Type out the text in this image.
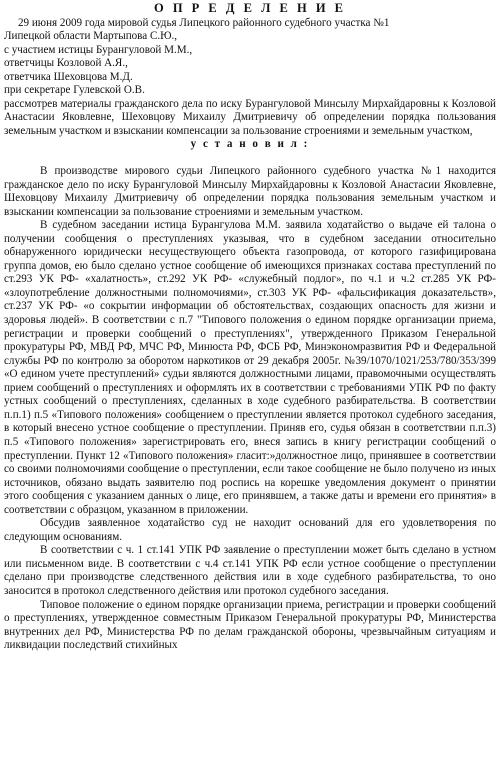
О П Р Е Д Е Л Е Н И Е
29 июня 2009 года мировой судья Липецкого районного судебного участка №1
Липецкой области Мартыпова С.Ю.,
с участием истицы Бурангуловой М.М.,
ответчицы Козловой А.Я.,
ответчика Шеховцова М.Д.
при секретаре Гулевской О.В.

рассмотрев материалы гражданского дела по иску Бурангуловой Минсылу Мирхайдаровны к Козловой Анастасии Яковлевне, Шеховцову Михаилу Дмитриевичу об определении порядка пользования земельным участком и взыскании компенсации за пользование строениями и земельным участком,

у с т а н о в и л :

В производстве мирового судьи Липецкого районного судебного участка №1 находится гражданское дело по иску Бурангуловой Минсылу Мирхайдаровны к Козловой Анастасии Яковлевне, Шеховцову Михаилу Дмитриевичу об определении порядка пользования земельным участком и взыскании компенсации за пользование строениями и земельным участком.

В судебном заседании истица Бурангулова М.М. заявила ходатайство о выдаче ей талона о получении сообщения о преступлениях указывая, что в судебном заседании относительно обнаруженного юридически несуществующего объекта газопровода, от которого газифицирована группа домов, ею было сделано устное сообщение об имеющихся признаках состава преступлений по ст.293 УК РФ- «халатность», ст.292 УК РФ- «служебный подлог», по ч.1 и ч.2 ст.285 УК РФ- «злоупотребление должностными полномочиями», ст.303 УК РФ- «фальсификация доказательств», ст.237 УК РФ- «о сокрытии информации об обстоятельствах, создающих опасность для жизни и здоровья людей». В соответствии с п.7 "Типового положения о едином порядке организации приема, регистрации и проверки сообщений о преступлениях", утвержденного Приказом Генеральной прокуратуры РФ, МВД РФ, МЧС РФ, Минюста РФ, ФСБ РФ, Минэкономразвития РФ и Федеральной службы РФ по контролю за оборотом наркотиков от 29 декабря 2005г. №39/1070/1021/253/780/353/399 «О едином учете преступлений» судьи являются должностными лицами, правомочными осуществлять прием сообщений о преступлениях и оформлять их в соответствии с требованиями УПК РФ по факту устных сообщений о преступлениях, сделанных в ходе судебного разбирательства. В соответствии п.п.1) п.5 «Типового положения» сообщением о преступлении является протокол судебного заседания, в который внесено устное сообщение о преступлении. Приняв его, судья обязан в соответствии п.п.3) п.5 «Типового положения» зарегистрировать его, внеся запись в книгу регистрации сообщений о преступлении. Пункт 12 «Типового положения» гласит:»должностное лицо, принявшее в соответствии со своими полномочиями сообщение о преступлении, если такое сообщение не было получено из иных источников, обязано выдать заявителю под роспись на корешке уведомления документ о принятии этого сообщения с указанием данных о лице, его принявшем, а также даты и времени его принятия» в соответствии с образцом, указанном в приложении.

Обсудив заявленное ходатайство суд не находит оснований для его удовлетворения по следующим основаниям.

В соответствии с ч. 1 ст.141 УПК РФ заявление о преступлении может быть сделано в устном или письменном виде. В соответствии с ч.4 ст.141 УПК РФ если устное сообщение о преступлении сделано при производстве следственного действия или в ходе судебного разбирательства, то оно заносится в протокол следственного действия или протокол судебного заседания.

Типовое положение о едином порядке организации приема, регистрации и проверки сообщений о преступлениях, утвержденное совместным Приказом Генеральной прокуратуры РФ, Министерства внутренних дел РФ, Министерства РФ по делам гражданской обороны, чрезвычайным ситуациям и ликвидации последствий стихийных
